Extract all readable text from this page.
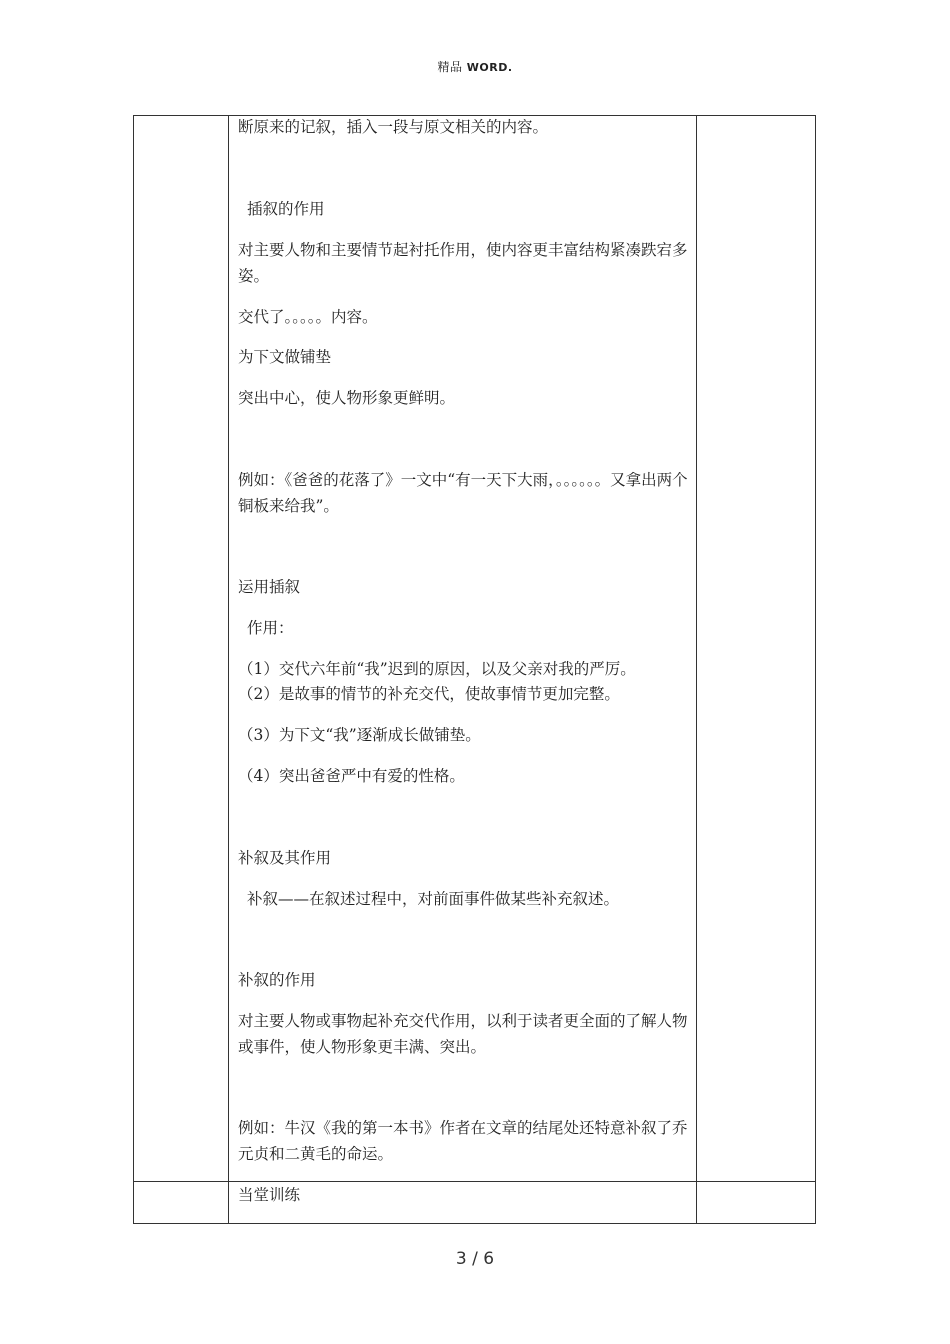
精品 WORD.
断原来的记叙，插入一段与原文相关的内容。
插叙的作用
对主要人物和主要情节起衬托作用，使内容更丰富结构紧凑跌宕多姿。
交代了。。。。。内容。
为下文做铺垫
突出中心，使人物形象更鲜明。
例如：《爸爸的花落了》一文中“有一天下大雨，。。。。。。又拿出两个铜板来给我”。
运用插叙
作用：
（1）交代六年前“我”迟到的原因，以及父亲对我的严厉。
（2）是故事的情节的补充交代，使故事情节更加完整。
（3）为下文“我”逐渐成长做铺垫。
（4）突出爸爸严中有爱的性格。
补叙及其作用
补叙——在叙述过程中，对前面事件做某些补充叙述。
补叙的作用
对主要人物或事物起补充交代作用，以利于读者更全面的了解人物或事件，使人物形象更丰满、突出。
例如：牛汉《我的第一本书》作者在文章的结尾处还特意补叙了乔元贞和二黄毛的命运。
当堂训练
3 / 6
